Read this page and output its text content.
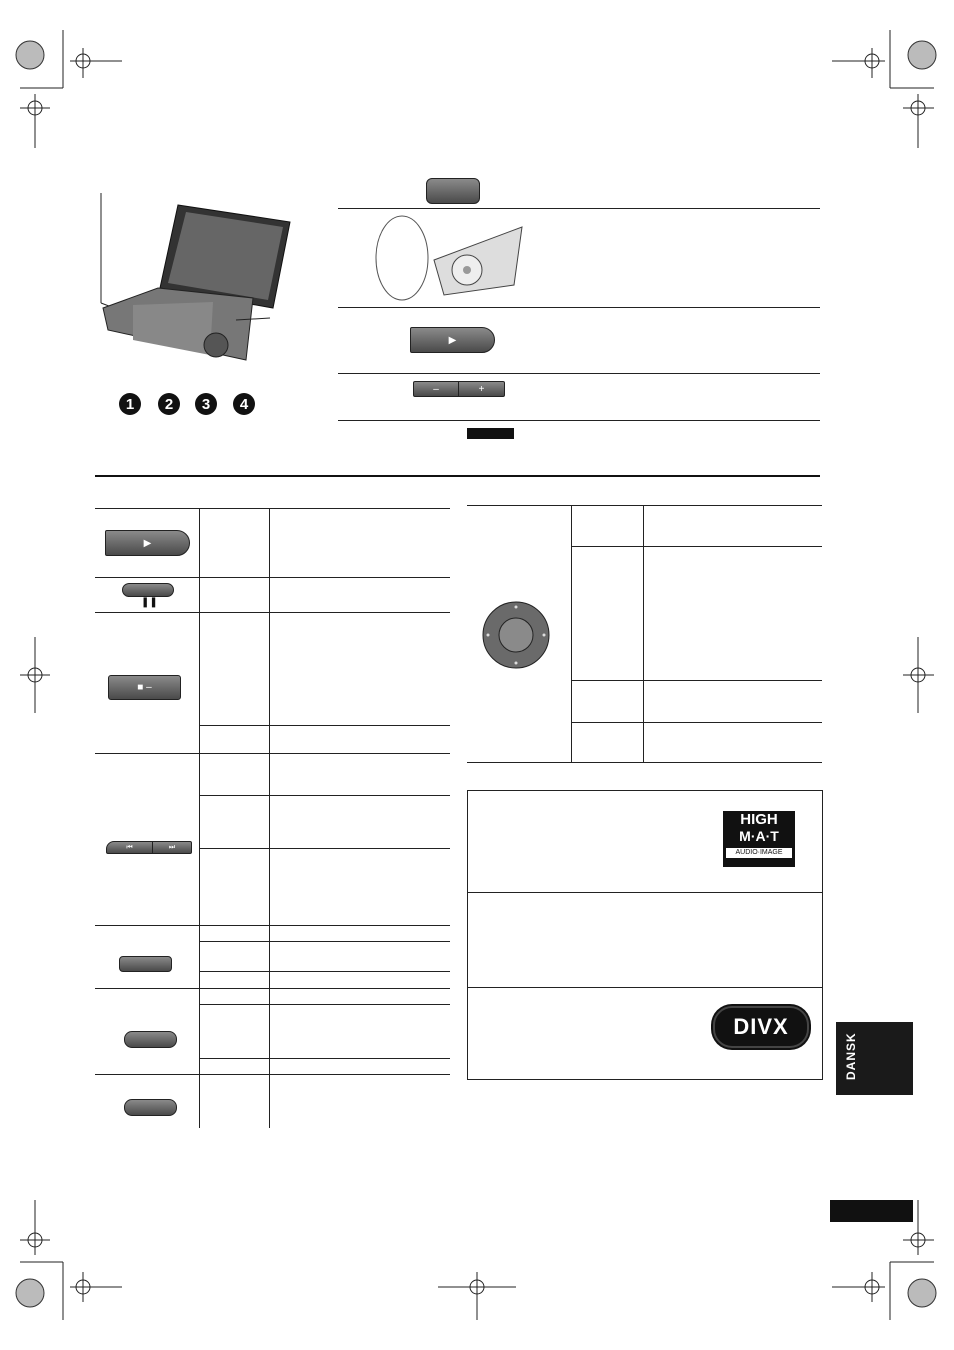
1	2	3	4
▶
–	+
▶
❚❚
■ –
⏮	⏭
HIGH
M·A·T
AUDIO·IMAGE
DIVX
DANSK
